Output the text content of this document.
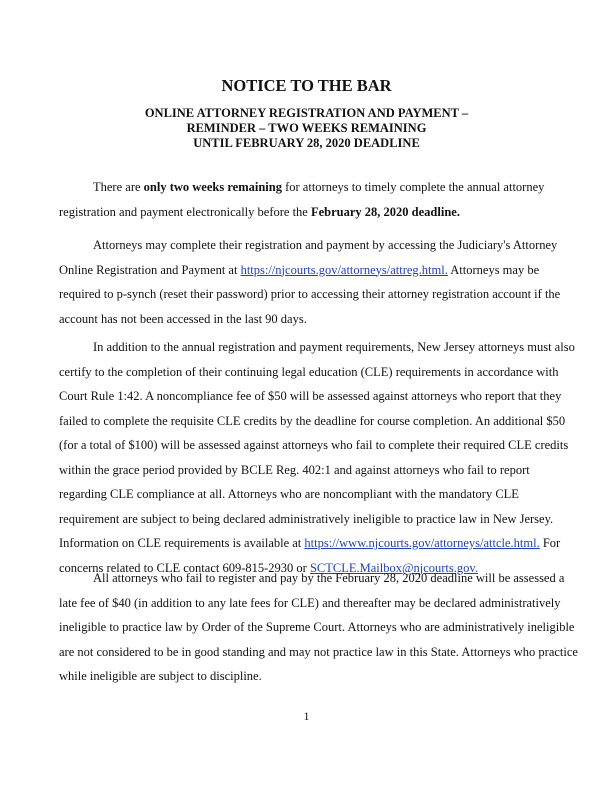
NOTICE TO THE BAR
ONLINE ATTORNEY REGISTRATION AND PAYMENT –
REMINDER – TWO WEEKS REMAINING
UNTIL FEBRUARY 28, 2020 DEADLINE

There are only two weeks remaining for attorneys to timely complete the annual attorney registration and payment electronically before the February 28, 2020 deadline.

Attorneys may complete their registration and payment by accessing the Judiciary's Attorney Online Registration and Payment at https://njcourts.gov/attorneys/attreg.html. Attorneys may be required to p-synch (reset their password) prior to accessing their attorney registration account if the account has not been accessed in the last 90 days.

In addition to the annual registration and payment requirements, New Jersey attorneys must also certify to the completion of their continuing legal education (CLE) requirements in accordance with Court Rule 1:42. A noncompliance fee of $50 will be assessed against attorneys who report that they failed to complete the requisite CLE credits by the deadline for course completion. An additional $50 (for a total of $100) will be assessed against attorneys who fail to complete their required CLE credits within the grace period provided by BCLE Reg. 402:1 and against attorneys who fail to report regarding CLE compliance at all. Attorneys who are noncompliant with the mandatory CLE requirement are subject to being declared administratively ineligible to practice law in New Jersey. Information on CLE requirements is available at https://www.njcourts.gov/attorneys/attcle.html. For concerns related to CLE contact 609-815-2930 or SCTCLE.Mailbox@njcourts.gov.

All attorneys who fail to register and pay by the February 28, 2020 deadline will be assessed a late fee of $40 (in addition to any late fees for CLE) and thereafter may be declared administratively ineligible to practice law by Order of the Supreme Court. Attorneys who are administratively ineligible are not considered to be in good standing and may not practice law in this State. Attorneys who practice while ineligible are subject to discipline.

1
